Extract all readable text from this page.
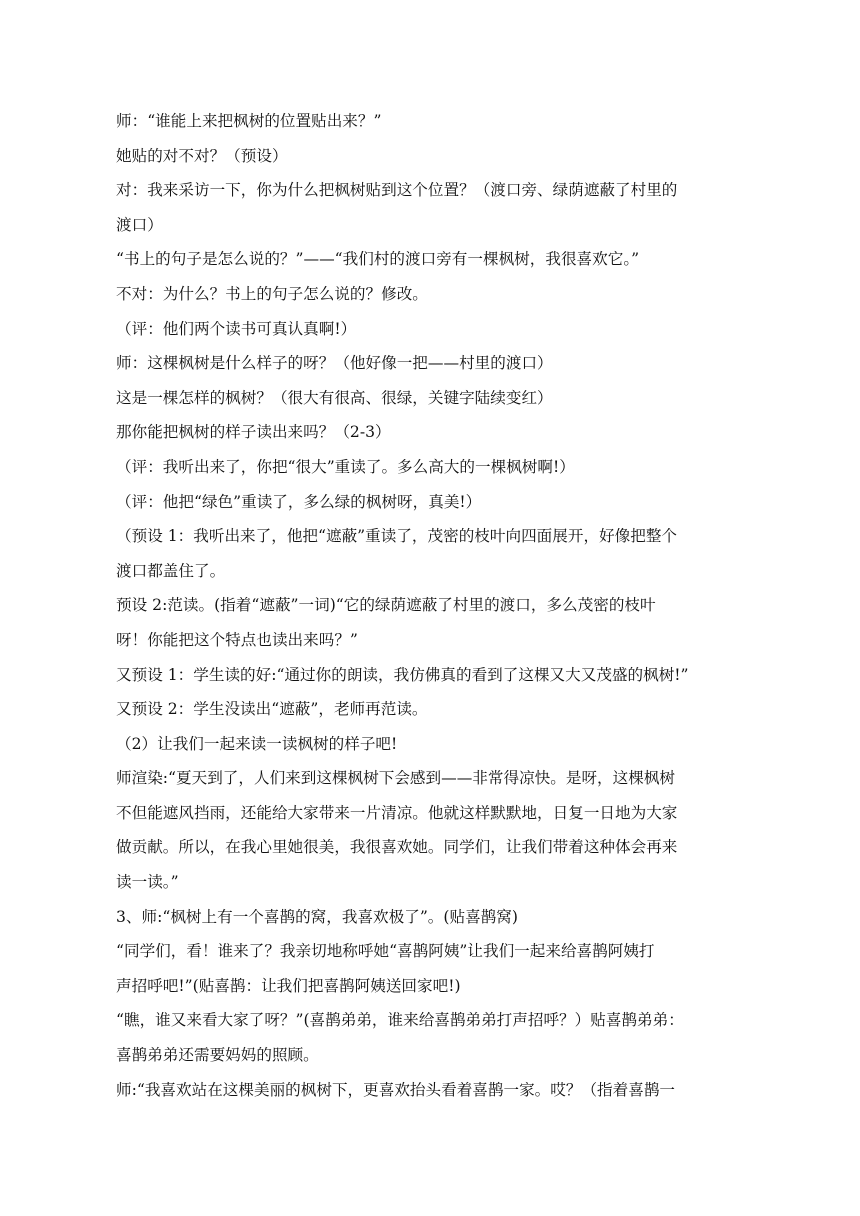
师：“谁能上来把枫树的位置贴出来？”
她贴的对不对？（预设）
对：我来采访一下，你为什么把枫树贴到这个位置？（渡口旁、绿荫遮蔽了村里的
渡口）
“书上的句子是怎么说的？”——“我们村的渡口旁有一棵枫树，我很喜欢它。”
不对：为什么？书上的句子怎么说的？修改。
（评：他们两个读书可真认真啊!）
师：这棵枫树是什么样子的呀？（他好像一把——村里的渡口）
这是一棵怎样的枫树？（很大有很高、很绿，关键字陆续变红）
那你能把枫树的样子读出来吗？（2-3）
（评：我听出来了，你把“很大”重读了。多么高大的一棵枫树啊!）
（评：他把“绿色”重读了，多么绿的枫树呀，真美!）
（预设 1：我听出来了，他把“遮蔽”重读了，茂密的枝叶向四面展开，好像把整个
渡口都盖住了。
预设 2:范读。(指着“遮蔽”一词)“它的绿荫遮蔽了村里的渡口，多么茂密的枝叶
呀！你能把这个特点也读出来吗？”
又预设 1：学生读的好:“通过你的朗读，我仿佛真的看到了这棵又大又茂盛的枫树!”
又预设 2：学生没读出“遮蔽”，老师再范读。
（2）让我们一起来读一读枫树的样子吧!
师渲染:“夏天到了，人们来到这棵枫树下会感到——非常得凉快。是呀，这棵枫树
不但能遮风挡雨，还能给大家带来一片清凉。他就这样默默地，日复一日地为大家
做贡献。所以，在我心里她很美，我很喜欢她。同学们，让我们带着这种体会再来
读一读。”
3、师:“枫树上有一个喜鹊的窝，我喜欢极了”。(贴喜鹊窝)
“同学们，看！谁来了？我亲切地称呼她“喜鹊阿姨”让我们一起来给喜鹊阿姨打
声招呼吧!”(贴喜鹊：让我们把喜鹊阿姨送回家吧!)
“瞧，谁又来看大家了呀？”(喜鹊弟弟，谁来给喜鹊弟弟打声招呼？）贴喜鹊弟弟：
喜鹊弟弟还需要妈妈的照顾。
师:“我喜欢站在这棵美丽的枫树下，更喜欢抬头看着喜鹊一家。哎？（指着喜鹊一
